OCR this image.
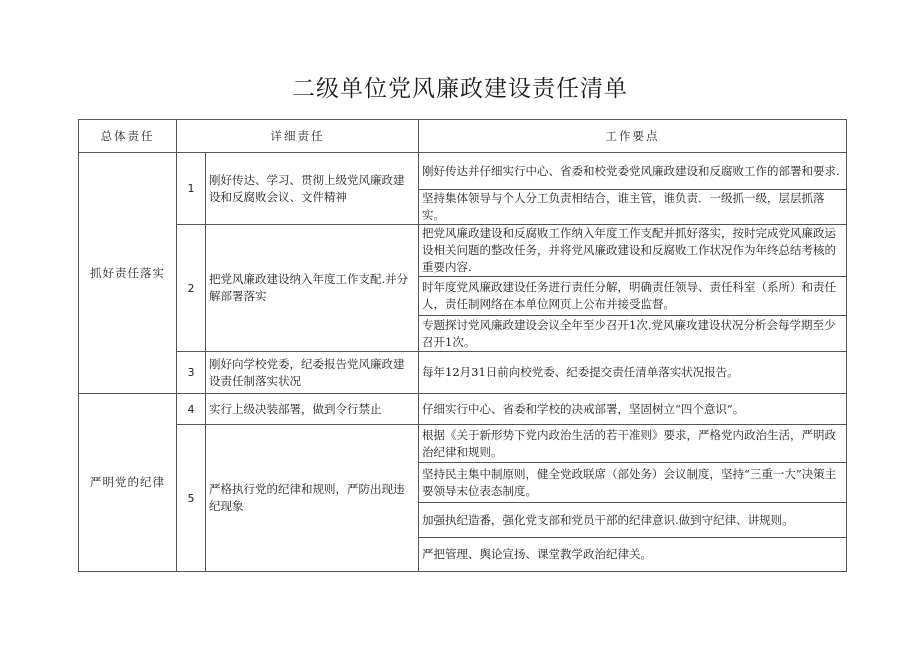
二级单位党风廉政建设责任清单
总体责任	详细责任		工作要点
抓好责任落实	1	刚好传达、学习、贯彻上级党风廉政建设和反腐败会议、文件精神	刚好传达并仔细实行中心、省委和校党委党风廉政建设和反腐败工作的部署和要求.
			坚持集体领导与个人分工负责相结合，谁主管，谁负责．一级抓一级，层层抓落实。
	2	把党风廉政建设纳入年度工作支配.并分解部署落实	把党风廉政建设和反腐败工作纳入年度工作支配并抓好落实，按时完成党风廉政运设相关问题的整改任务，并将党风廉政建设和反腐败工作状况作为年终总结考核的重要内容.
			时年度党风廉政建设任务进行责任分解，明确责任领导、责任科室（系所）和责任人，责任制网络在本单位网页上公布并接受监督。
			专题探讨党风廉政建设会议全年至少召开1次.党风廉攻建设状况分析会每学期至少召开1次。
	3	刚好向学校党委，纪委报告党风廉政建设责任制落实状况	每年12月31日前向校党委、纪委提交责任清单落实状况报告。
严明党的纪律	4	实行上级决装部署，做到令行禁止	仔细实行中心、省委和学校的决戒部署，坚固树立“四个意识”。
	5	严格执行党的纪律和规则，严防出现违纪现象	根据《关于新形势下党内政治生活的若干准则》要求，严格党内政治生活，严明政治纪律和规则。
			坚持民主集中制原则，健全党政联席（部处务）会议制度，坚持“三重一大”决策主要领导末位表态制度。
			加强执纪造番，强化党支部和党员干部的纪律意识.做到守纪律、讲规则。
			严把管理、舆论宣扬、课堂教学政治纪律关。
